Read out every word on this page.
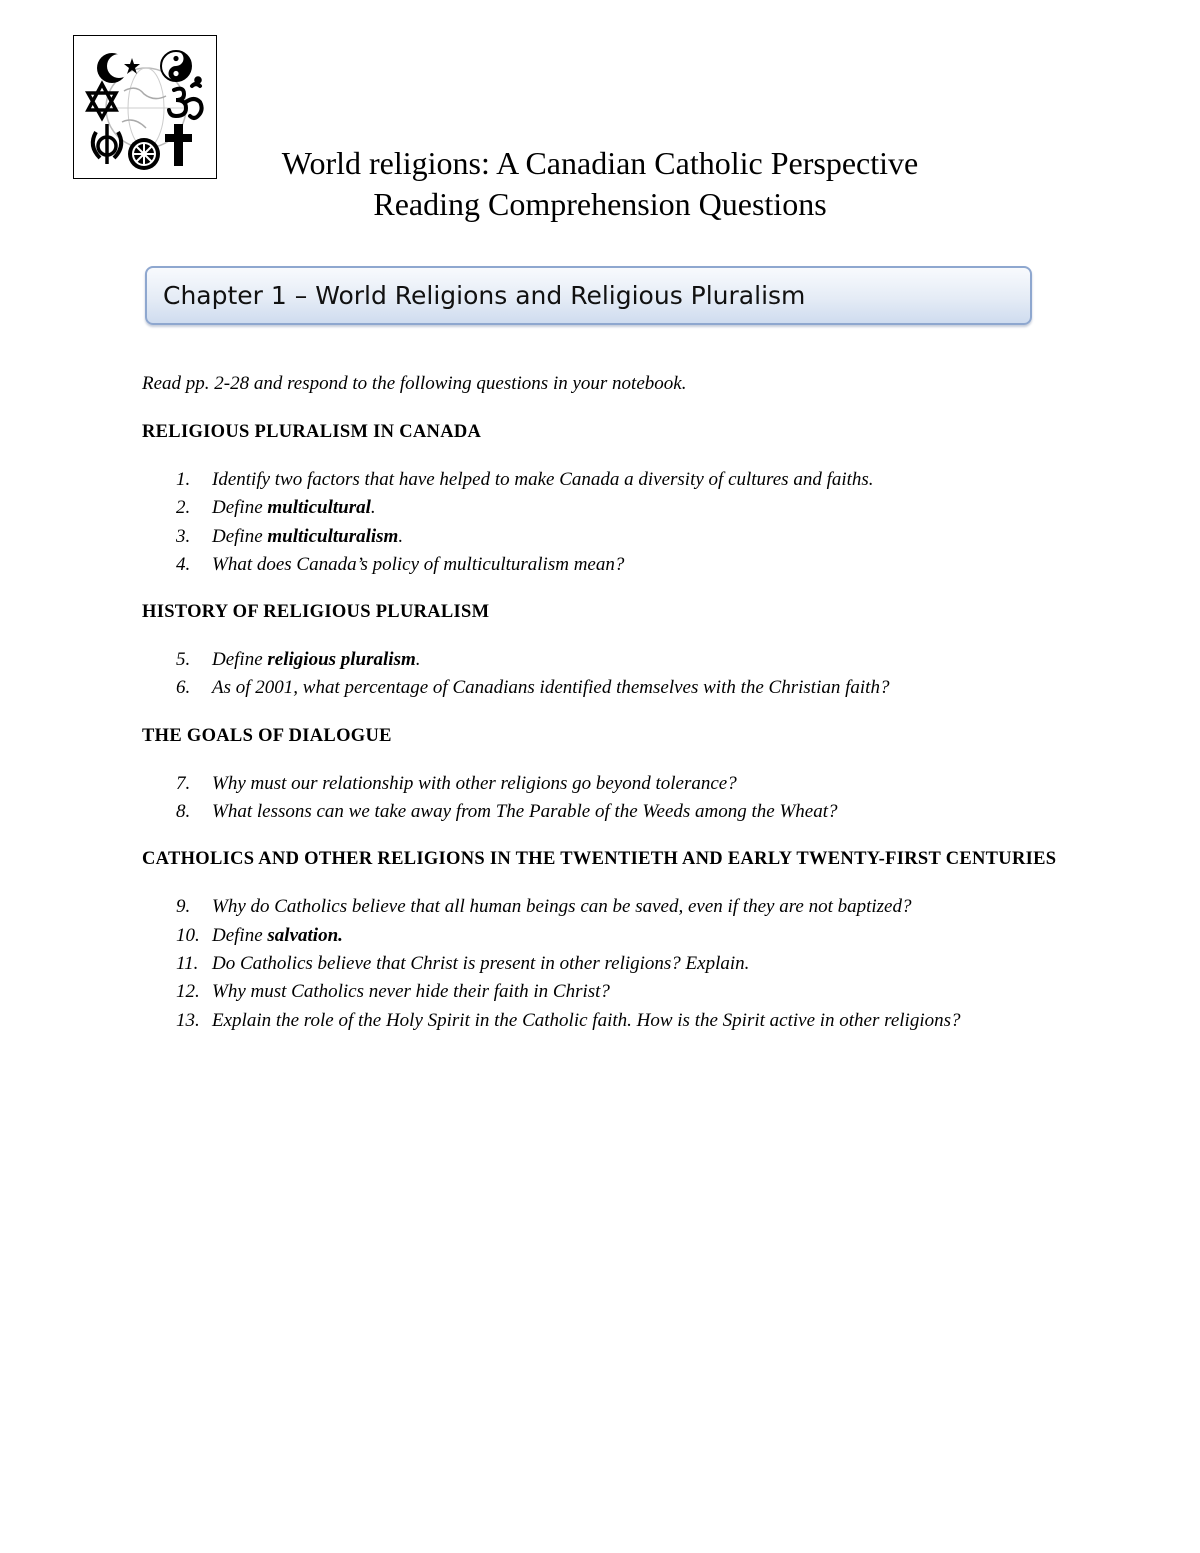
World religions: A Canadian Catholic Perspective
Reading Comprehension Questions
Chapter 1 – World Religions and Religious Pluralism

Read pp. 2-28 and respond to the following questions in your notebook.

RELIGIOUS PLURALISM IN CANADA
1.	Identify two factors that have helped to make Canada a diversity of cultures and faiths.
2.	Define multicultural.
3.	Define multiculturalism.
4.	What does Canada’s policy of multiculturalism mean?
HISTORY OF RELIGIOUS PLURALISM
5.	Define religious pluralism.
6.	As of 2001, what percentage of Canadians identified themselves with the Christian faith?
THE GOALS OF DIALOGUE
7.	Why must our relationship with other religions go beyond tolerance?
8.	What lessons can we take away from The Parable of the Weeds among the Wheat?
CATHOLICS AND OTHER RELIGIONS IN THE TWENTIETH AND EARLY TWENTY-FIRST CENTURIES
9.	Why do Catholics believe that all human beings can be saved, even if they are not baptized?
10. Define salvation.
11. Do Catholics believe that Christ is present in other religions? Explain.
12. Why must Catholics never hide their faith in Christ?
13. Explain the role of the Holy Spirit in the Catholic faith. How is the Spirit active in other religions?
